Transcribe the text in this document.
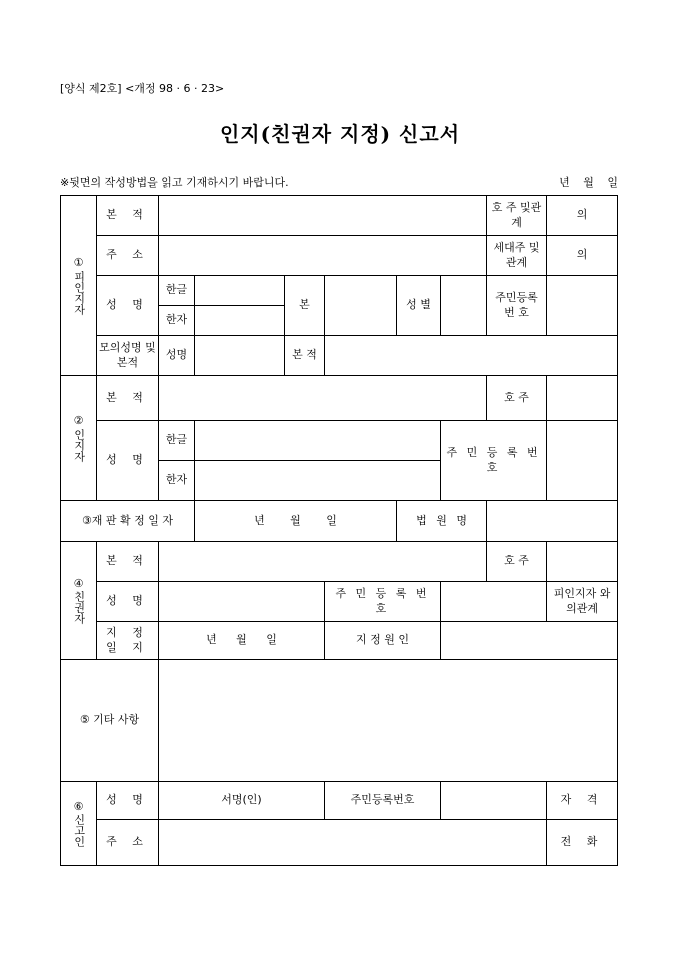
[양식 제2호] <개정 98 · 6 · 23>
인지(친권자 지정) 신고서
※뒷면의 작성방법을 읽고 기재하시기 바랍니다.	년 월 일
①
피인지자	본 적							호 주 및관계	의	
	주 소							세대주 및관계	의	
	성 명	한글		본		성 별		주민등록 번 호		
		한자								
	모의성명 및 본적	성명		본 적						

②
인지자	본 적							호 주		
	성 명	한글					주 민 등 록 번 호			
		한자								
③재 판 확 정 일 자			년 월 일			법 원 명				

④
친권자	본 적							호 주		
	성 명				주 민 등 록 번 호				피인지자 와의관계	
	지 정 일 지	년 월 일			지 정 원 인					
⑤ 기타 사항										

⑥
신고인	성 명	서명(인)			주민등록번호				자 격	
	주 소								전 화	
